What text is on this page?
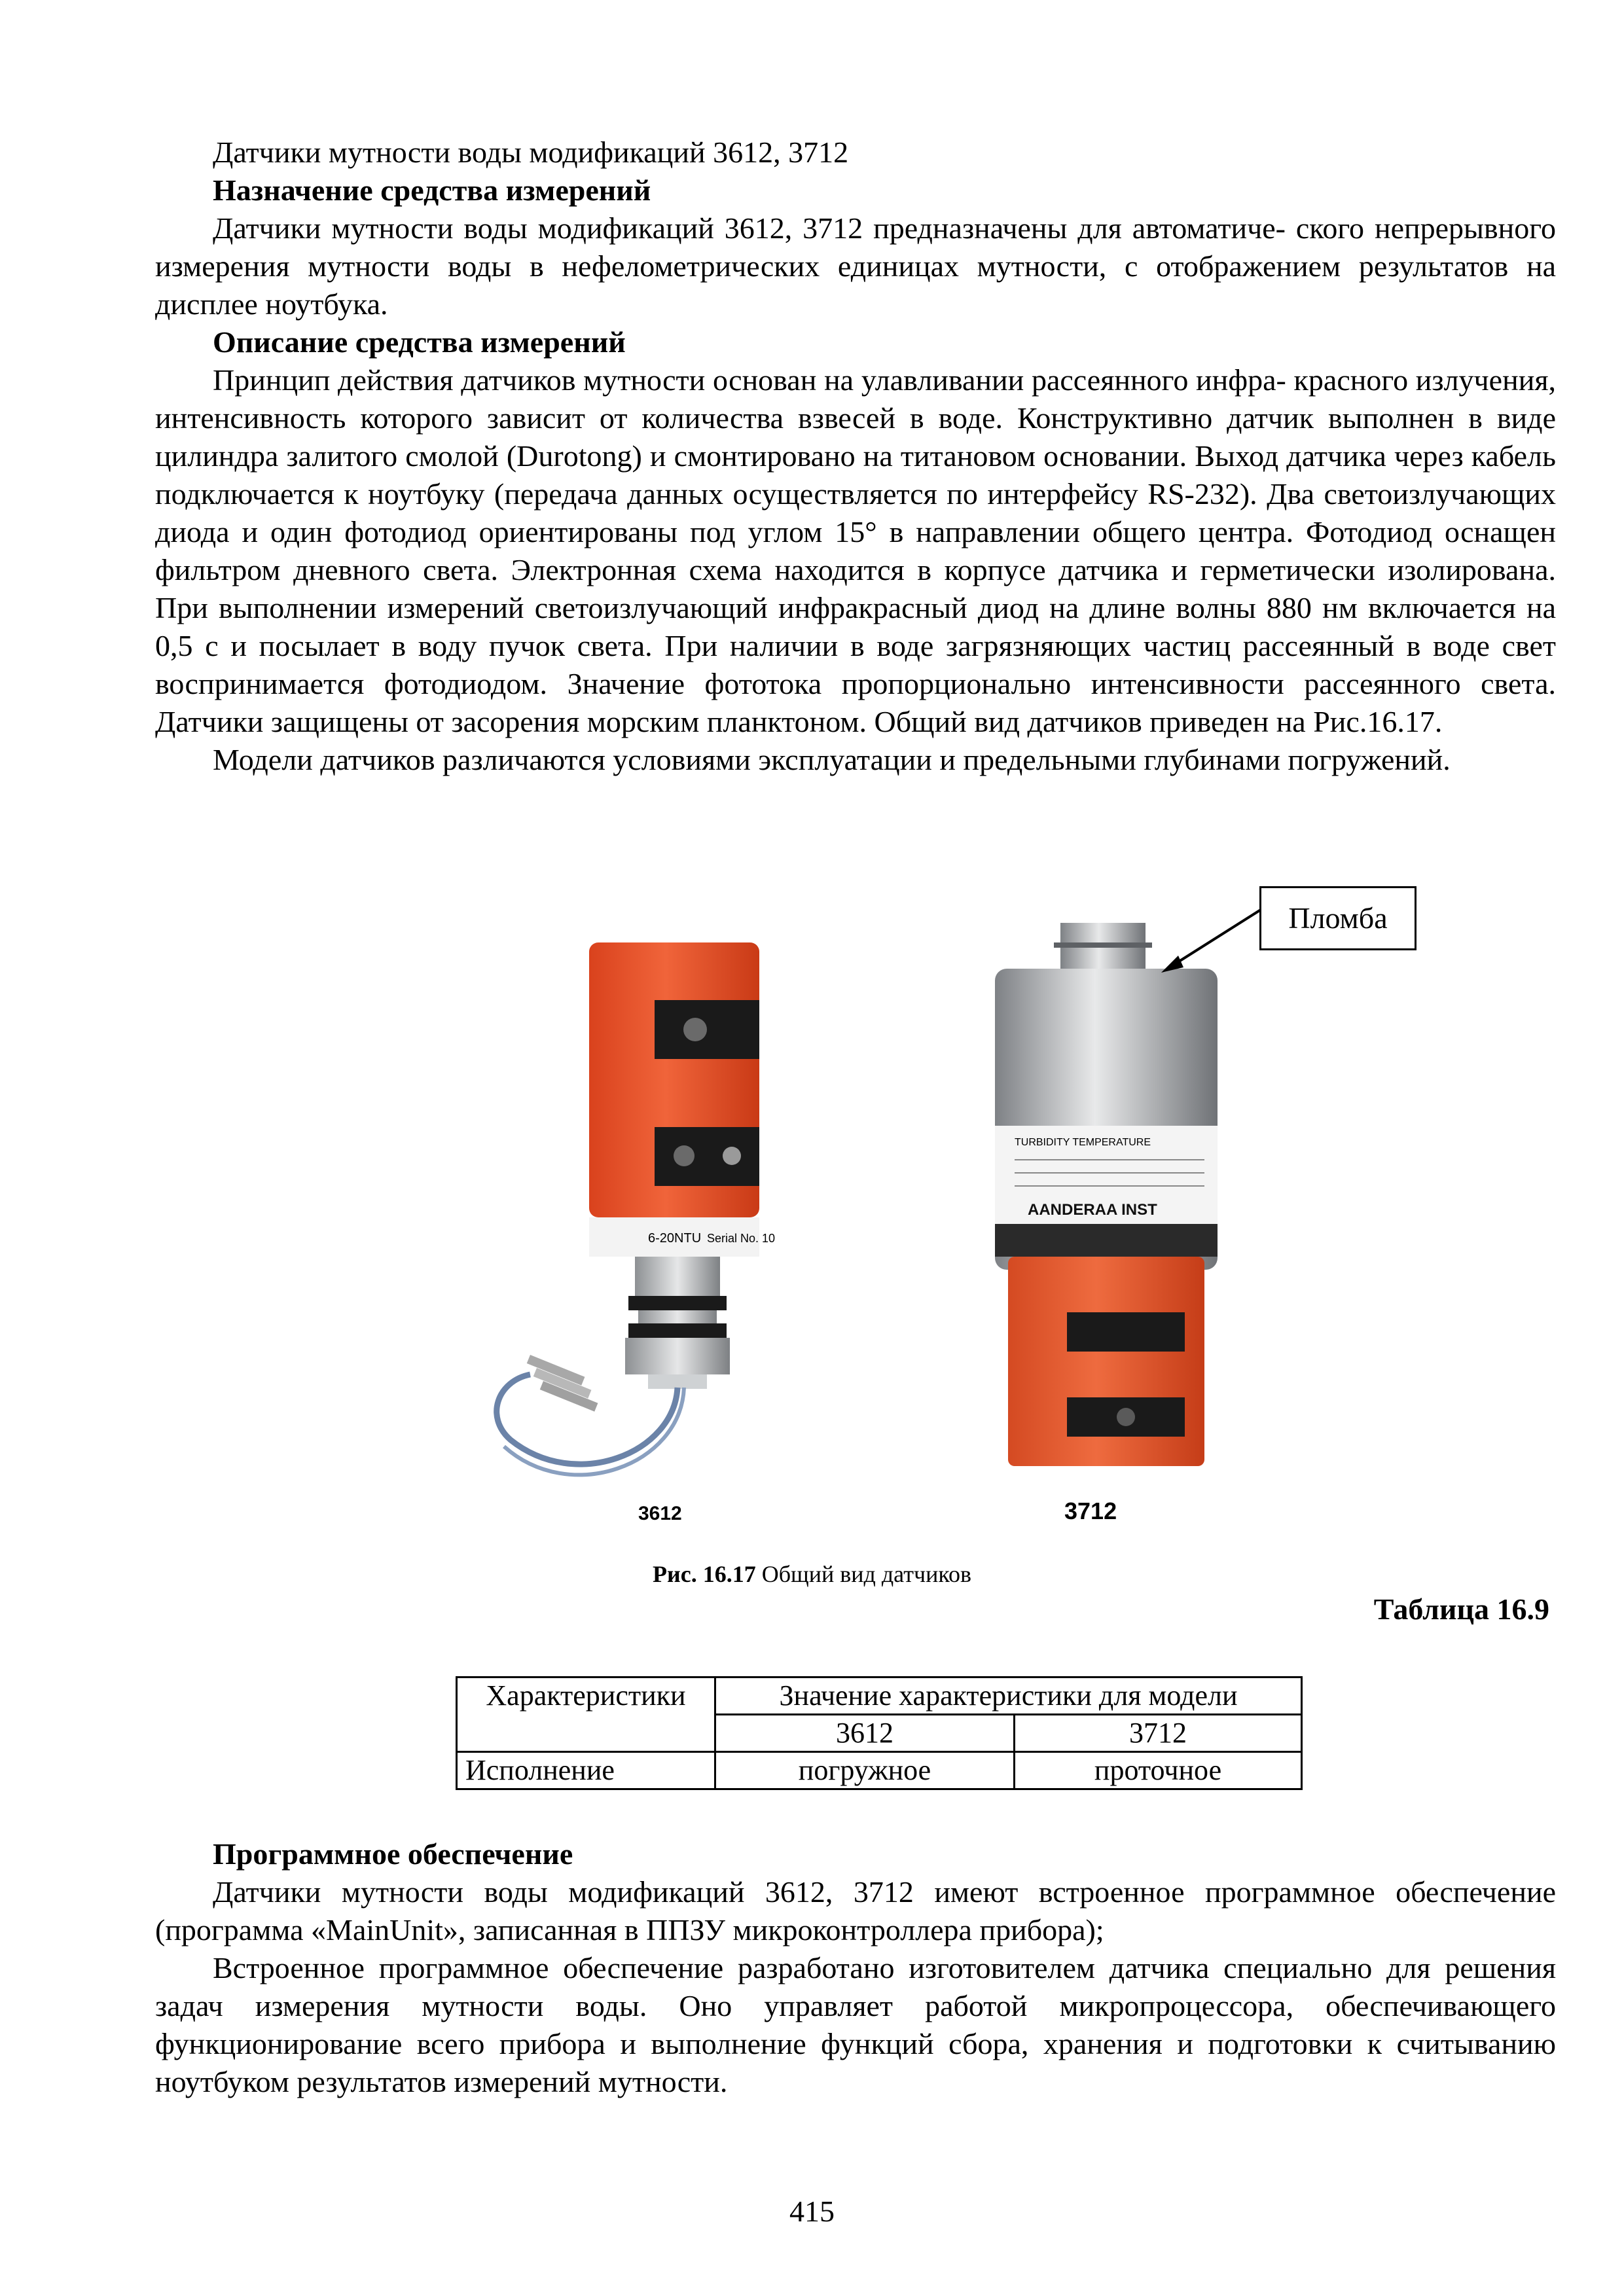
Датчики мутности воды модификаций 3612, 3712

Назначение средства измерений

Датчики мутности воды модификаций 3612, 3712 предназначены для автоматиче- ского непрерывного измерения мутности воды в нефелометрических единицах мутности, с отображением результатов на дисплее ноутбука.

Описание средства измерений

Принцип действия датчиков мутности основан на улавливании рассеянного инфра- красного излучения, интенсивность которого зависит от количества взвесей в воде. Конструктивно датчик выполнен в виде цилиндра залитого смолой (Durotong) и смонтировано на титановом основании. Выход датчика через кабель подключается к ноутбуку (передача данных осуществляется по интерфейсу RS-232). Два светоизлучающих диода и один фотодиод ориентированы под углом 15° в направлении общего центра. Фотодиод оснащен фильтром дневного света. Электронная схема находится в корпусе датчика и герметически изолирована. При выполнении измерений светоизлучающий инфракрасный диод на длине волны 880 нм включается на 0,5 с и посылает в воду пучок света. При наличии в воде загрязняющих частиц рассеянный в воде свет воспринимается фотодиодом. Значение фототока пропорционально интенсивности рассеянного света. Датчики защищены от засорения морским планктоном. Общий вид датчиков приведен на Рис.16.17.

Модели датчиков различаются условиями эксплуатации и предельными глубинами погружений.

6-20NTU Serial No. 10
TURBIDITY TEMPERATURE
AANDERAA INST
Пломба
3612	3712
Рис. 16.17 Общий вид датчиков
Таблица 16.9
Характеристики	Значение характеристики для модели	
	3612	3712
Исполнение	погружное	проточное

Программное обеспечение

Датчики мутности воды модификаций 3612, 3712 имеют встроенное программное обеспечение (программа «MainUnit», записанная в ППЗУ микроконтроллера прибора);

Встроенное программное обеспечение разработано изготовителем датчика специально для решения задач измерения мутности воды. Оно управляет работой микропроцессора, обеспечивающего функционирование всего прибора и выполнение функций сбора, хранения и подготовки к считыванию ноутбуком результатов измерений мутности.

415
